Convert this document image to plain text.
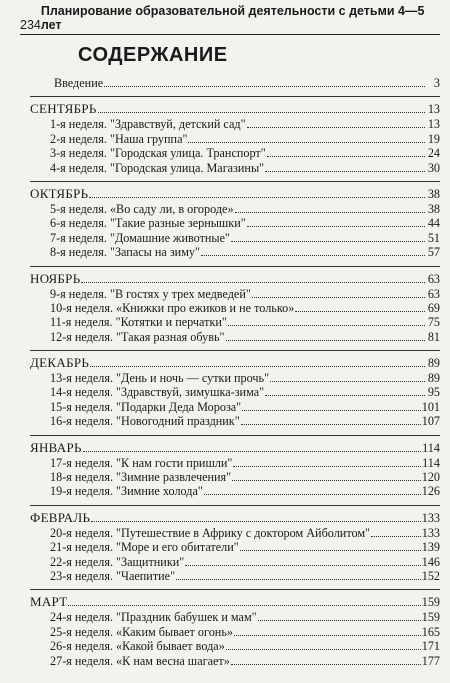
234
Планирование образовательной деятельности с детьми 4—5 лет
СОДЕРЖАНИЕ
Введение	3
СЕНТЯБРЬ	13
1-я неделя. "Здравствуй, детский сад"	13
2-я неделя. "Наша группа"	19
3-я неделя. "Городская улица. Транспорт"	24
4-я неделя. "Городская улица. Магазины"	30
ОКТЯБРЬ	38
5-я неделя. «Во саду ли, в огороде»	38
6-я неделя. "Такие разные зернышки"	44
7-я неделя. "Домашние животные"	51
8-я неделя. "Запасы на зиму"	57
НОЯБРЬ	63
9-я неделя. "В гостях у трех медведей"	63
10-я неделя. «Книжки про ежиков и не только»	69
11-я неделя. "Котятки и перчатки"	75
12-я неделя. "Такая разная обувь"	81
ДЕКАБРЬ	89
13-я неделя. "День и ночь — сутки прочь"	89
14-я неделя. "Здравствуй, зимушка-зима"	95
15-я неделя. "Подарки Деда Мороза"	101
16-я неделя. "Новогодний праздник"	107
ЯНВАРЬ	114
17-я неделя. "К нам гости пришли"	114
18-я неделя. "Зимние развлечения"	120
19-я неделя. "Зимние холода"	126
ФЕВРАЛЬ	133
20-я неделя. "Путешествие в Африку с доктором Айболитом"	133
21-я неделя. "Море и его обитатели"	139
22-я неделя. "Защитники"	146
23-я неделя. "Чаепитие"	152
МАРТ	159
24-я неделя. "Праздник бабушек и мам"	159
25-я неделя. «Каким бывает огонь»	165
26-я неделя. «Какой бывает вода»	171
27-я неделя. «К нам весна шагает»	177
